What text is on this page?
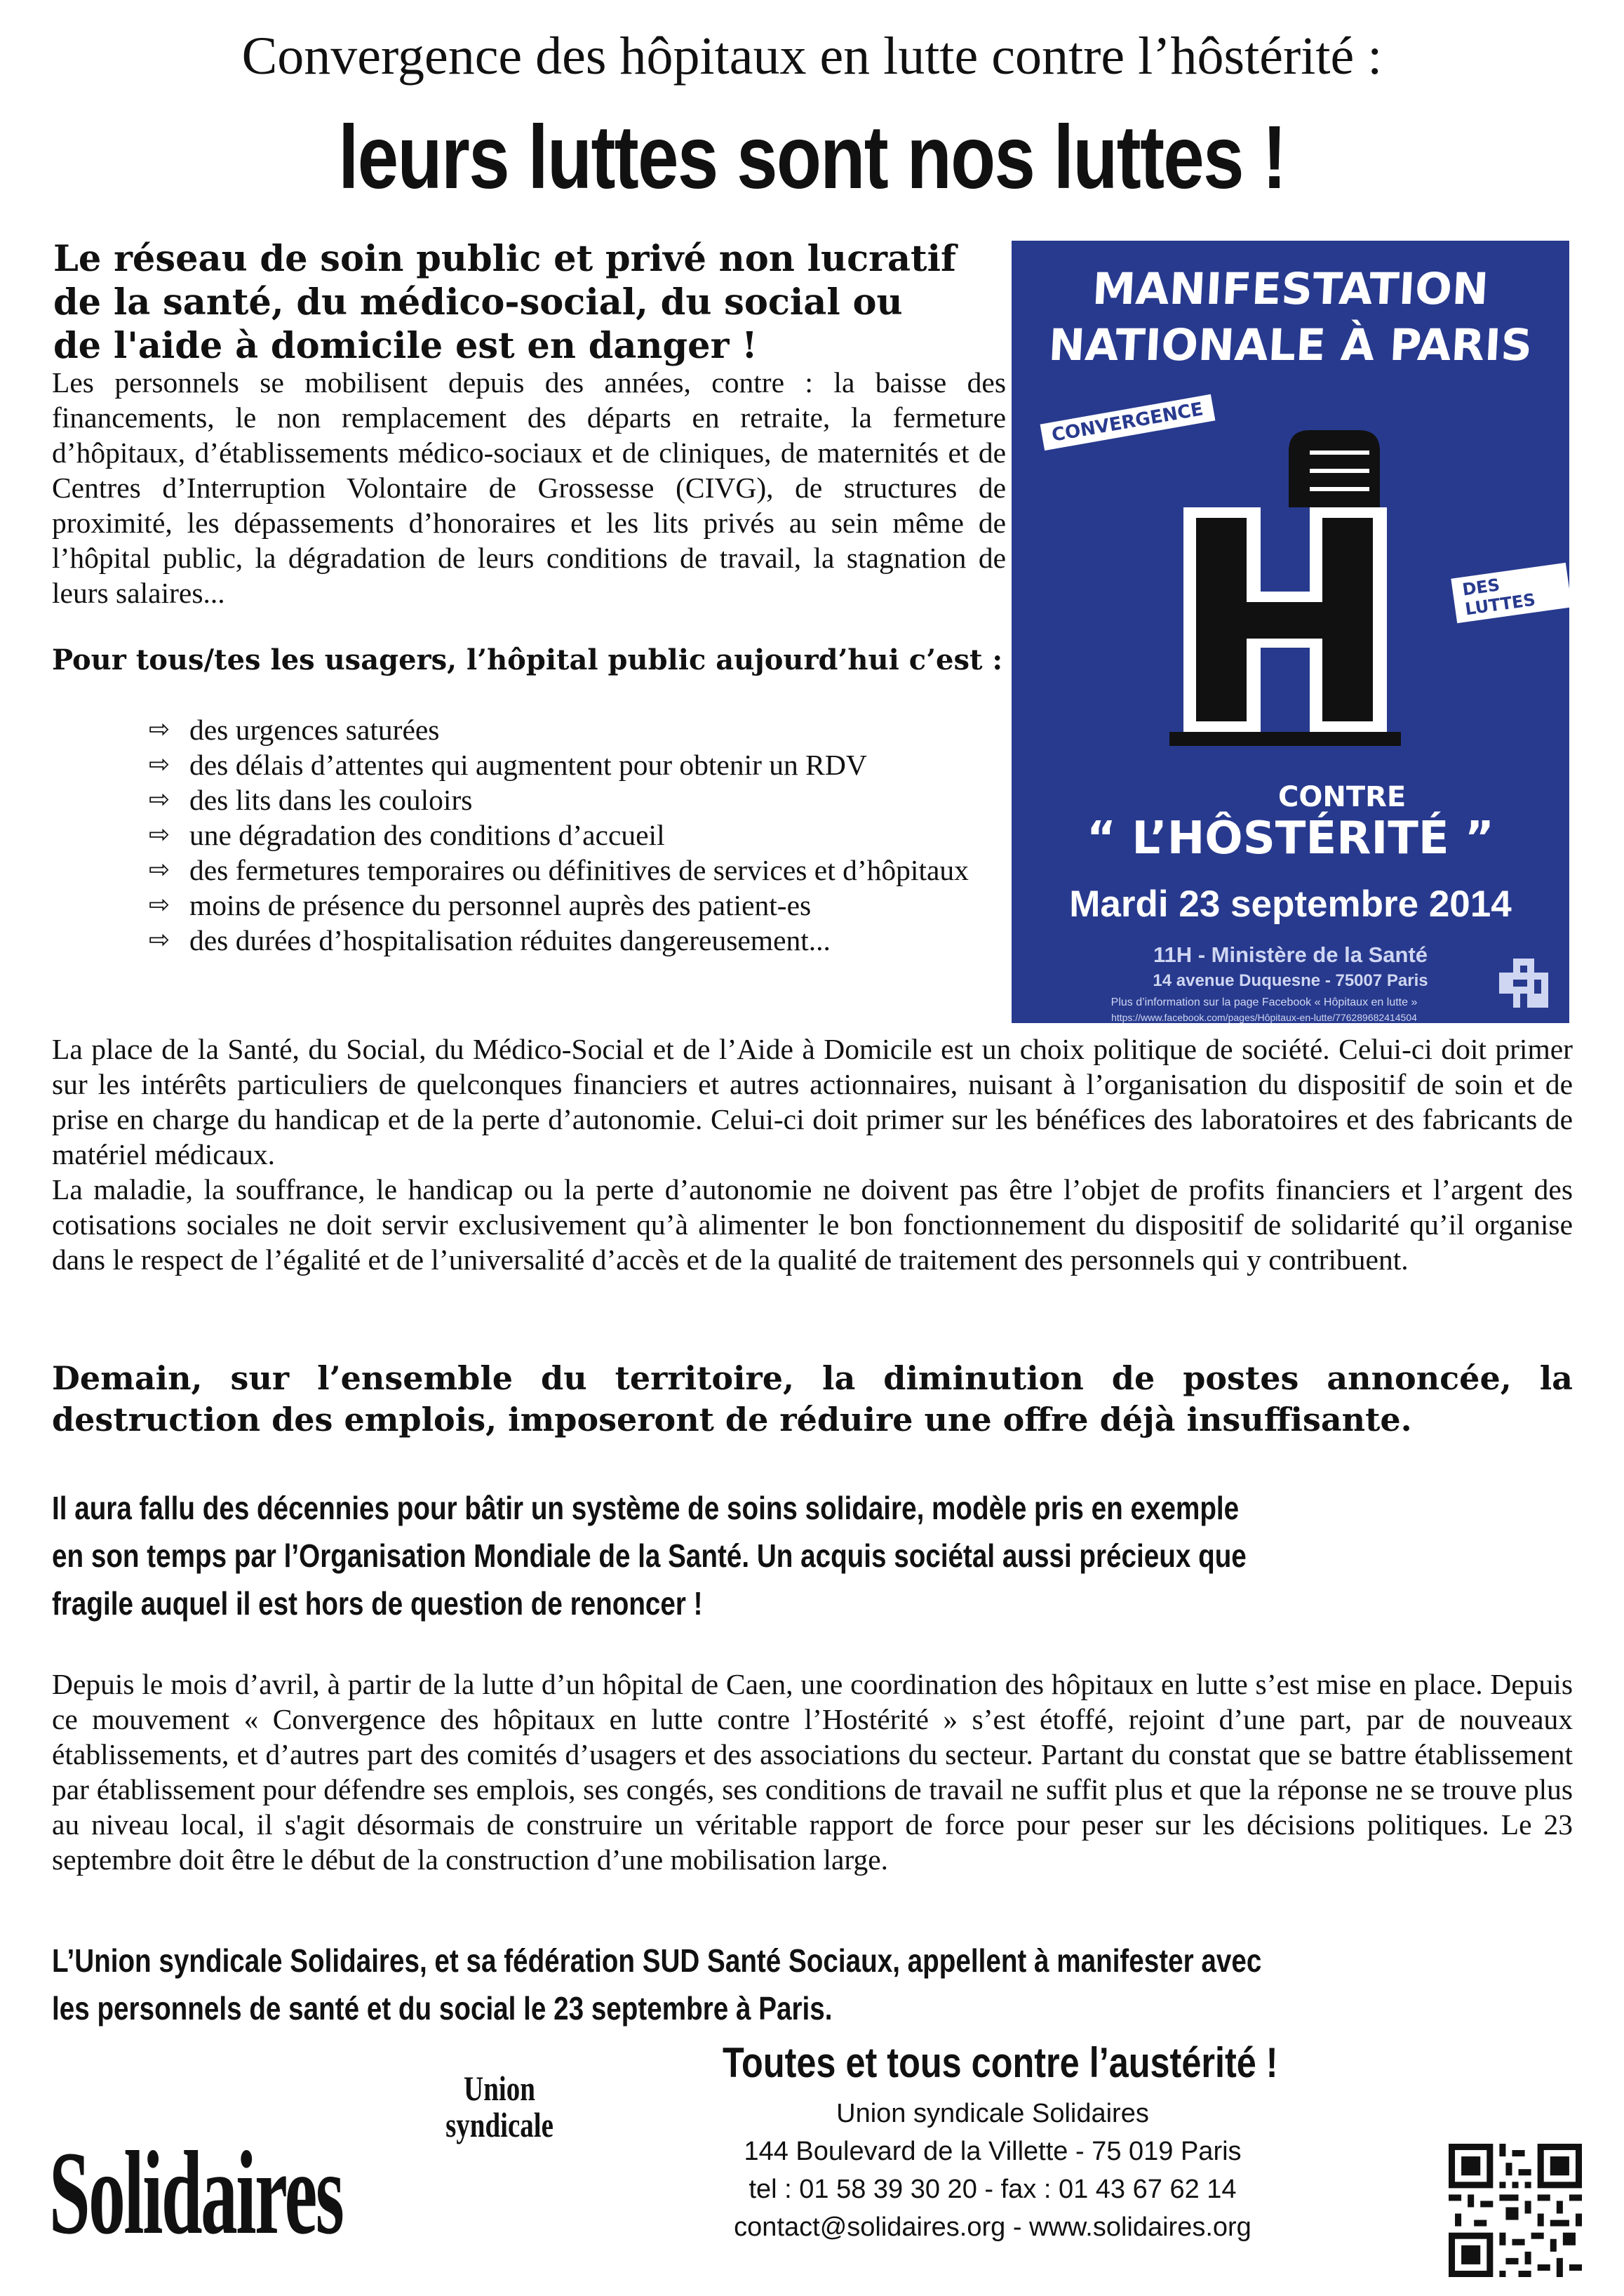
Convergence des hôpitaux en lutte contre l’hôstérité :
leurs luttes sont nos luttes !
Le réseau de soin public et privé non lucratif
de la santé, du médico-social, du social ou
de l'aide à domicile est en danger !
Les personnels se mobilisent depuis des années, contre : la baisse des financements, le non remplacement des départs en retraite, la fermeture d’hôpitaux, d’établissements médico-sociaux et de cliniques, de maternités et de Centres d’Interruption Volontaire de Grossesse (CIVG), de structures de proximité, les dépassements d’honoraires et les lits privés au sein même de l’hôpital public, la dégradation de leurs conditions de travail, la stagnation de leurs salaires...
Pour tous/tes les usagers, l’hôpital public aujourd’hui c’est :
⇨ des urgences saturées
⇨ des délais d’attentes qui augmentent pour obtenir un RDV
⇨ des lits dans les couloirs
⇨ une dégradation des conditions d’accueil
⇨ des fermetures temporaires ou définitives de services et d’hôpitaux
⇨ moins de présence du personnel auprès des patient-es
⇨ des durées d’hospitalisation réduites dangereusement...
MANIFESTATION
NATIONALE À PARIS
CONVERGENCE
DES LUTTES
CONTRE
“ L’HÔSTÉRITÉ ”
Mardi 23 septembre 2014
11H - Ministère de la Santé
14 avenue Duquesne - 75007 Paris
Plus d’information sur la page Facebook « Hôpitaux en lutte »
https://www.facebook.com/pages/Hôpitaux-en-lutte/776289682414504
La place de la Santé, du Social, du Médico-Social et de l’Aide à Domicile est un choix politique de société. Celui-ci doit primer sur les intérêts particuliers de quelconques financiers et autres actionnaires, nuisant à l’organisation du dispositif de soin et de prise en charge du handicap et de la perte d’autonomie. Celui-ci doit primer sur les bénéfices des laboratoires et des fabricants de matériel médicaux.
La maladie, la souffrance, le handicap ou la perte d’autonomie ne doivent pas être l’objet de profits financiers et l’argent des cotisations sociales ne doit servir exclusivement qu’à alimenter le bon fonctionnement du dispositif de solidarité qu’il organise dans le respect de l’égalité et de l’universalité d’accès et de la qualité de traitement des personnels qui y contribuent.
Demain, sur l’ensemble du territoire, la diminution de postes annoncée, la destruction des emplois, imposeront de réduire une offre déjà insuffisante.
Il aura fallu des décennies pour bâtir un système de soins solidaire, modèle pris en exemple
en son temps par l’Organisation Mondiale de la Santé. Un acquis sociétal aussi précieux que
fragile auquel il est hors de question de renoncer !
Depuis le mois d’avril, à partir de la lutte d’un hôpital de Caen, une coordination des hôpitaux en lutte s’est mise en place. Depuis ce mouvement « Convergence des hôpitaux en lutte contre l’Hostérité » s’est étoffé, rejoint d’une part, par de nouveaux établissements, et d’autres part des comités d’usagers et des associations du secteur. Partant du constat que se battre établissement par établissement pour défendre ses emplois, ses congés, ses conditions de travail ne suffit plus et que la réponse ne se trouve plus au niveau local, il s'agit désormais de construire un véritable rapport de force pour peser sur les décisions politiques. Le 23 septembre doit être le début de la construction d’une mobilisation large.
L’Union syndicale Solidaires, et sa fédération SUD Santé Sociaux, appellent à manifester avec
les personnels de santé et du social le 23 septembre à Paris.
Toutes et tous contre l’austérité !
Union syndicale
Solidaires
Union syndicale Solidaires
144 Boulevard de la Villette - 75 019 Paris
tel : 01 58 39 30 20 - fax : 01 43 67 62 14
contact@solidaires.org - www.solidaires.org
